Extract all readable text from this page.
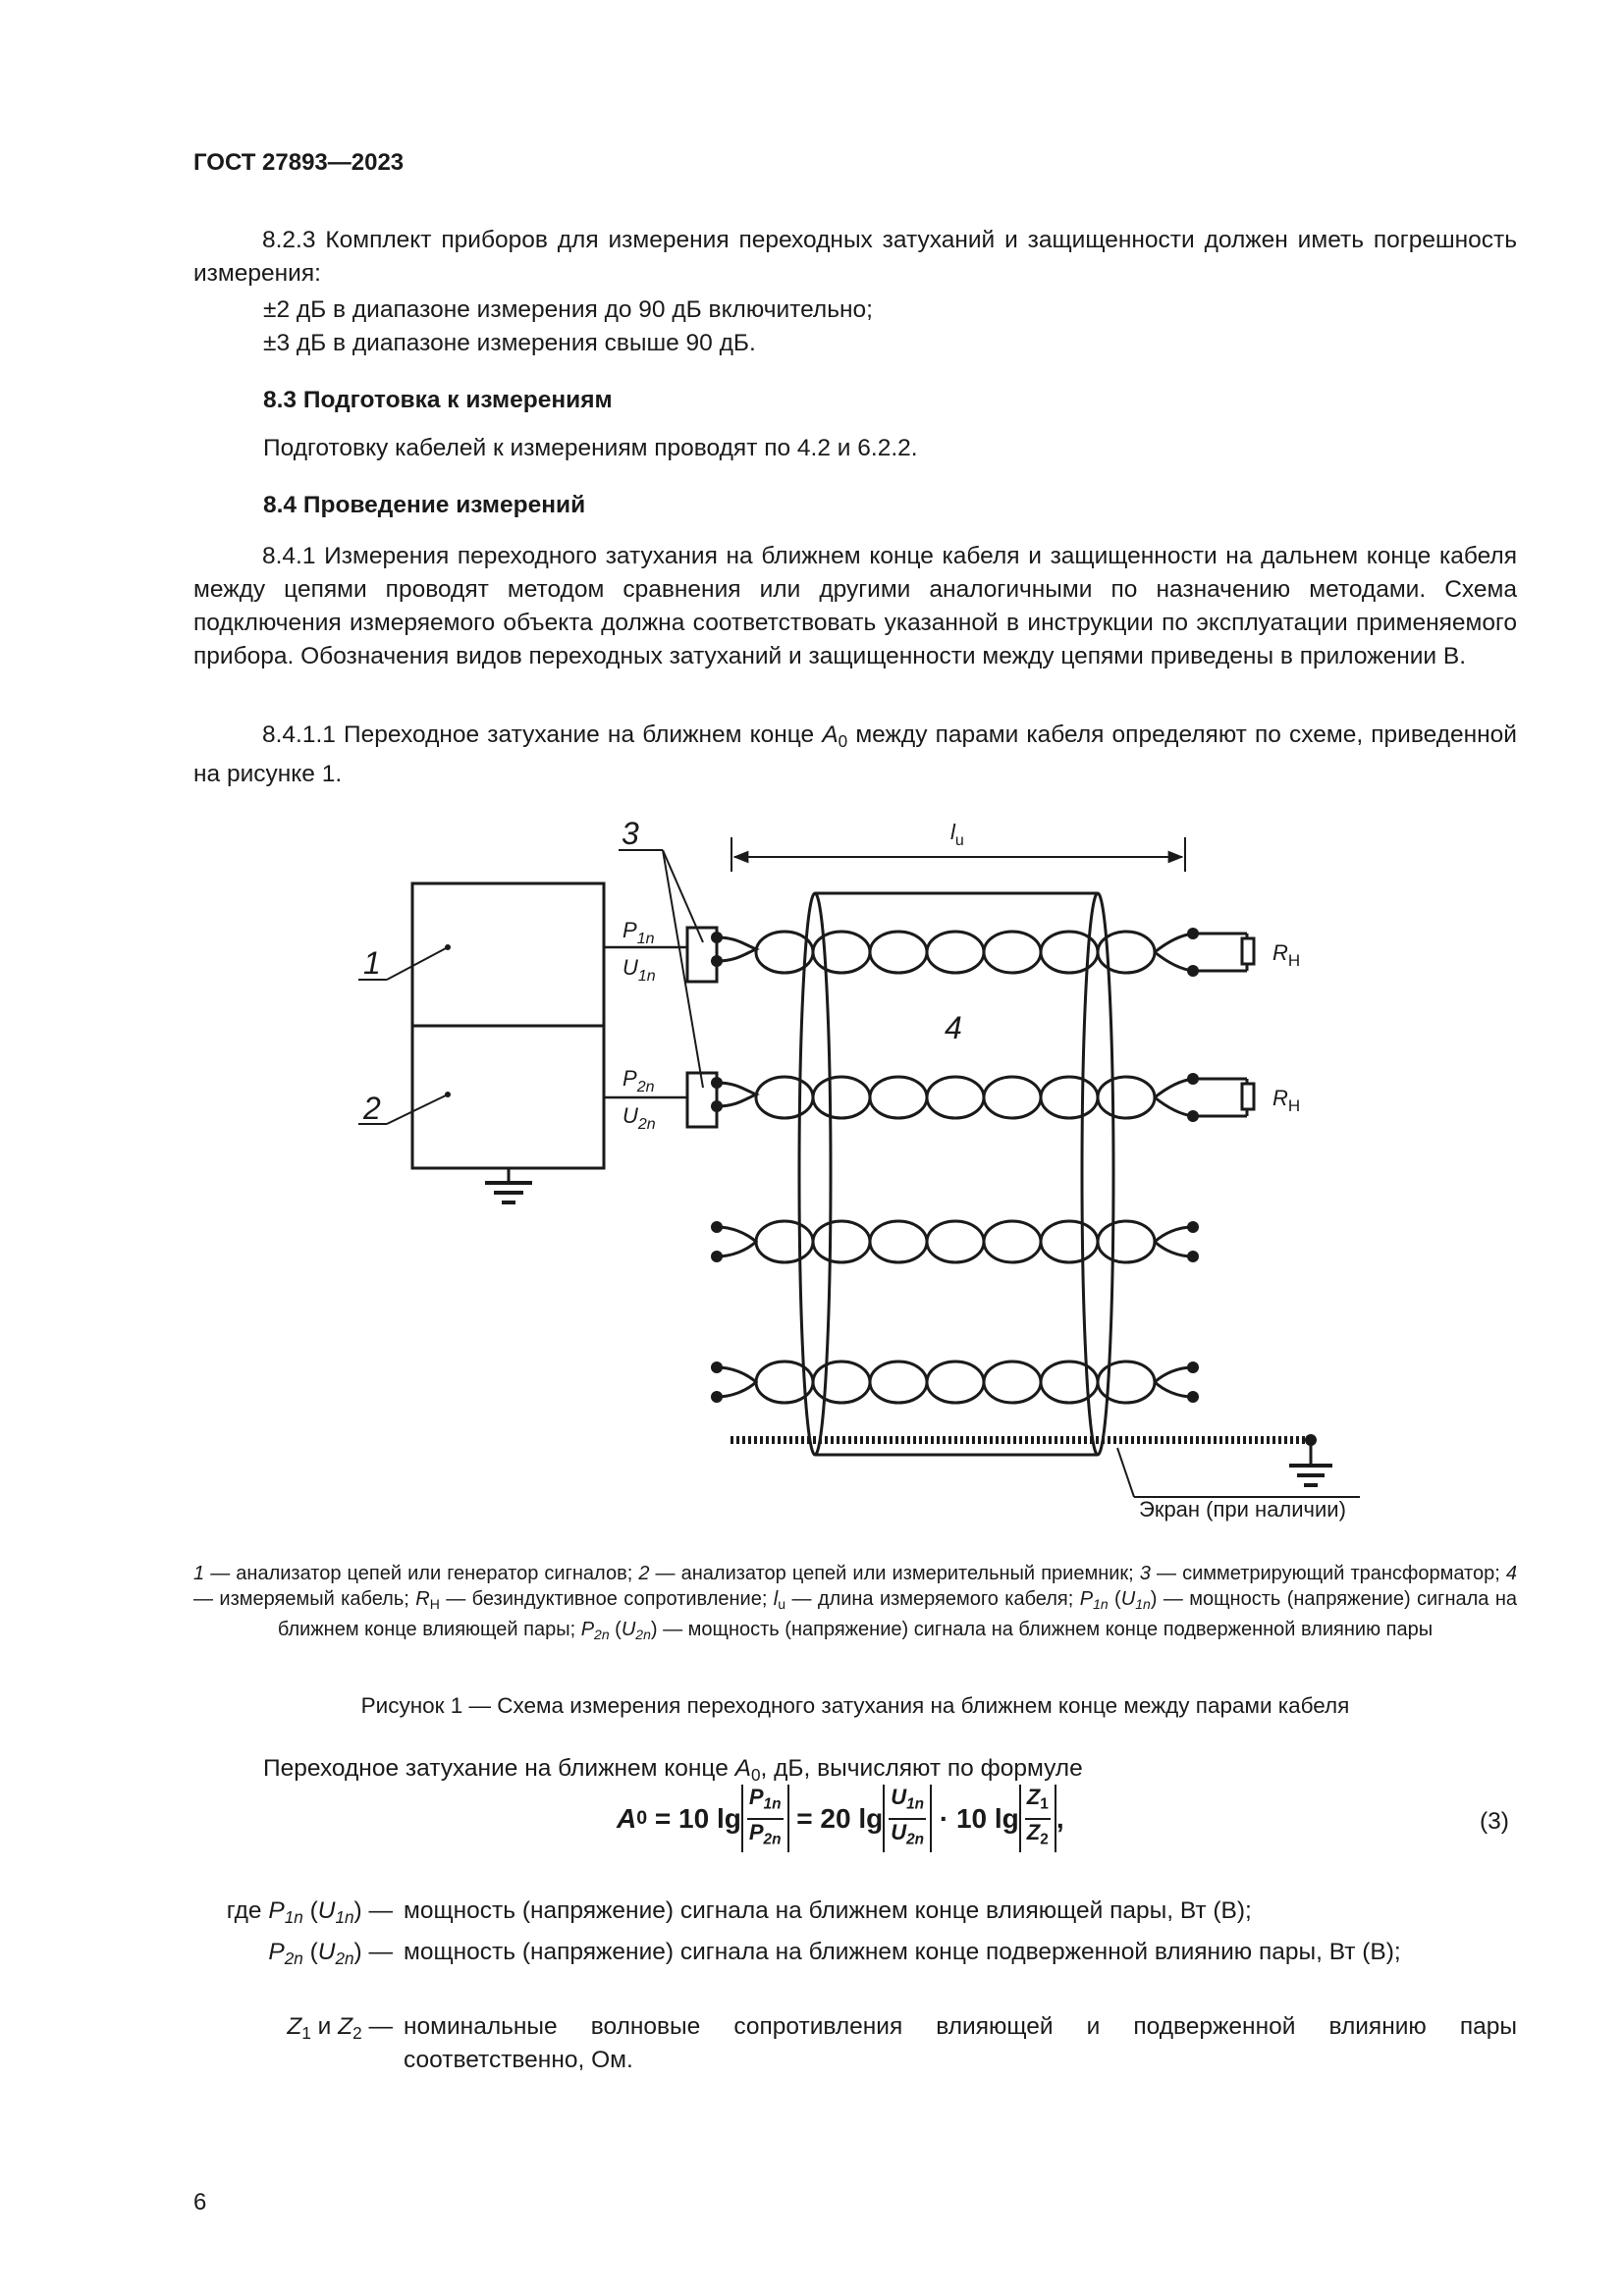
ГОСТ 27893—2023
8.2.3 Комплект приборов для измерения переходных затуханий и защищенности должен иметь погрешность измерения:
±2 дБ в диапазоне измерения до 90 дБ включительно;
±3 дБ в диапазоне измерения свыше 90 дБ.
8.3 Подготовка к измерениям
Подготовку кабелей к измерениям проводят по 4.2 и 6.2.2.
8.4 Проведение измерений
8.4.1 Измерения переходного затухания на ближнем конце кабеля и защищенности на дальнем конце кабеля между цепями проводят методом сравнения или другими аналогичными по назначению методами. Схема подключения измеряемого объекта должна соответствовать указанной в инструкции по эксплуатации применяемого прибора. Обозначения видов переходных затуханий и защищенности между цепями приведены в приложении В.
8.4.1.1 Переходное затухание на ближнем конце $A_0$ между парами кабеля определяют по схеме, приведенной на рисунке 1.
1
2
3
4
$l_u$
$P_{1n}$
$U_{1n}$
$P_{2n}$
$U_{2n}$
$R_Н$
$R_Н$
Экран (при наличии)
1 — анализатор цепей или генератор сигналов; 2 — анализатор цепей или измерительный приемник; 3 — симметрирующий трансформатор; 4 — измеряемый кабель; $R_Н$ — безиндуктивное сопротивление; $l_u$ — длина измеряемого кабеля; $P_{1n}$ $(U_{1n})$ — мощность (напряжение) сигнала на ближнем конце влияющей пары; $P_{2n}$ $(U_{2n})$ — мощность (напряжение) сигнала на ближнем конце подверженной влиянию пары
Рисунок 1 — Схема измерения переходного затухания на ближнем конце между парами кабеля
Переходное затухание на ближнем конце $A_0$, дБ, вычисляют по формуле
A 0 = 10 $\lg \frac{P_{1n}}{P_{2n}} = 20$ $\lg \frac{U_{1n}}{U_{2n}} \cdot 10$ $\lg \frac{Z_1}{Z_2}$ ,	(3)
где $P_{1n}$ $(U_{1n})$ — мощность (напряжение) сигнала на ближнем конце влияющей пары, Вт (В);
$P_{2n}$ $(U_{2n})$ — мощность (напряжение) сигнала на ближнем конце подверженной влиянию пары, Вт (В);
$Z_1$ и $Z_2$ — номинальные волновые сопротивления влияющей и подверженной влиянию пары соответственно, Ом.
6
